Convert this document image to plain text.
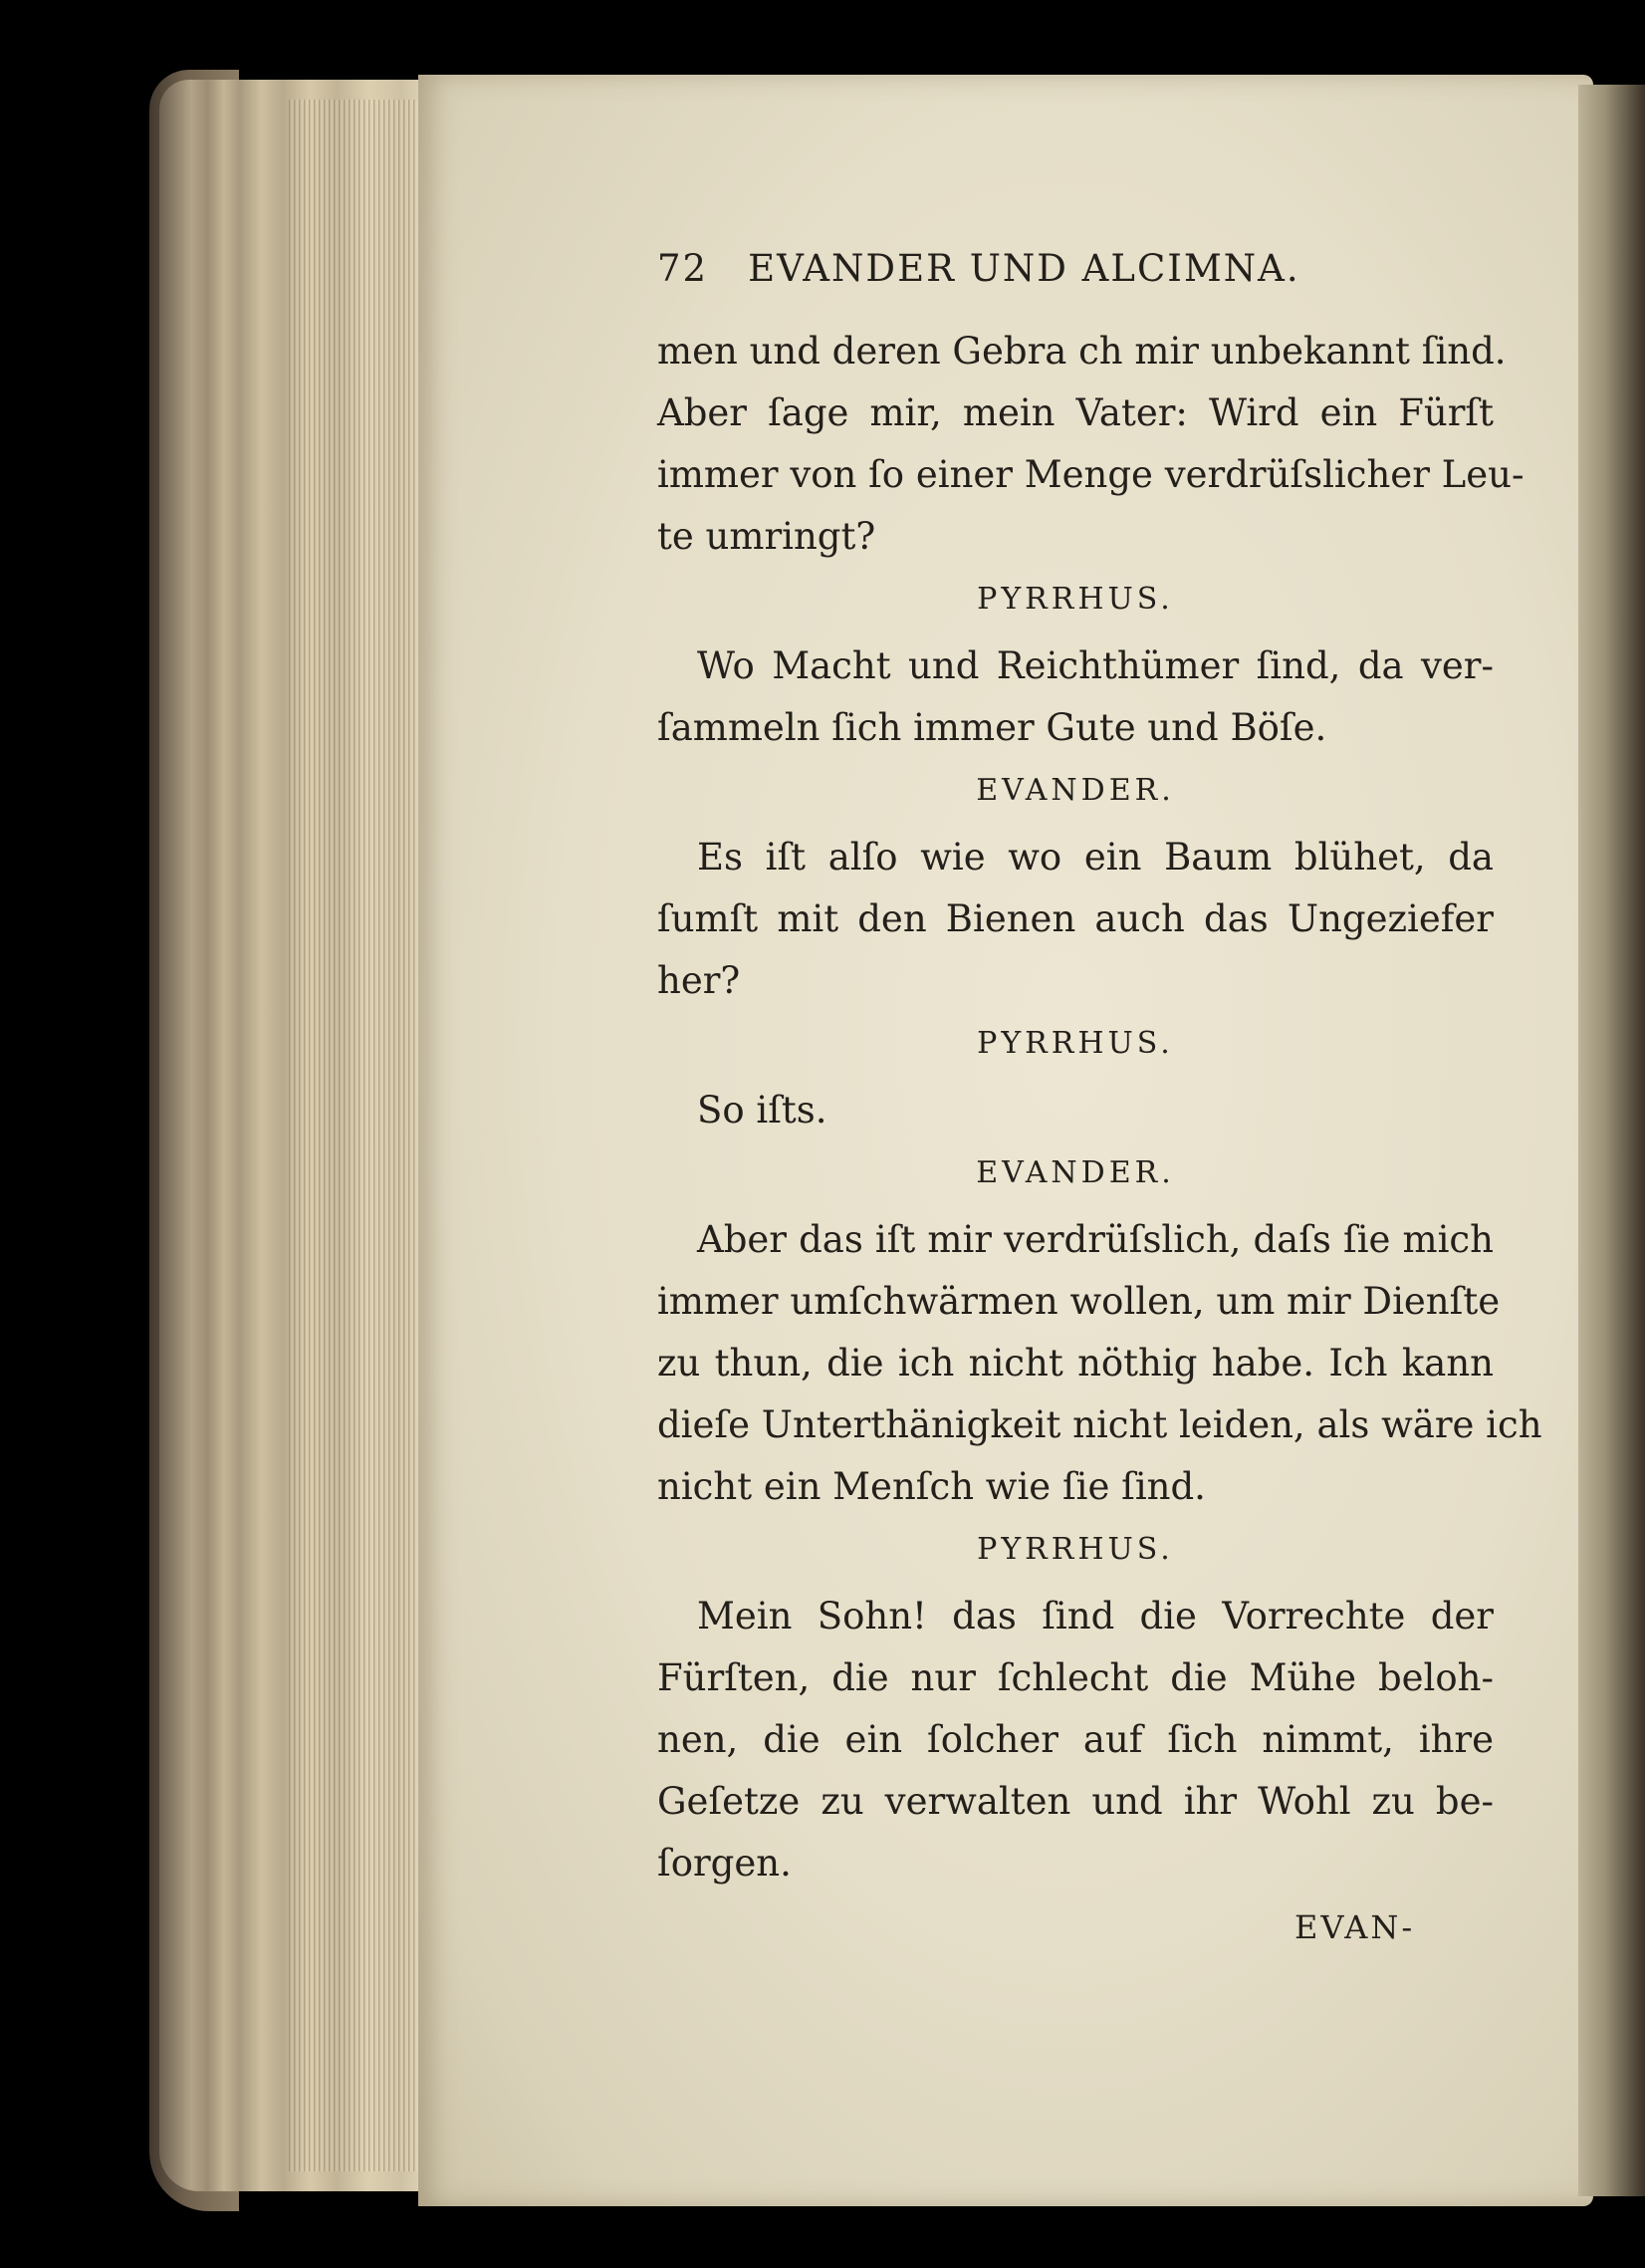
72 EVANDER UND ALCIMNA.
men und deren Gebra ch mir unbekannt ſind.
Aber ſage mir, mein Vater: Wird ein Fürſt
immer von ſo einer Menge verdrüſslicher Leu-
te umringt?
PYRRHUS.
Wo Macht und Reichthümer ſind, da ver-
ſammeln ſich immer Gute und Böſe.
EVANDER.
Es iſt alſo wie wo ein Baum blühet, da
ſumſt mit den Bienen auch das Ungeziefer
her?
PYRRHUS.
So iſts.
EVANDER.
Aber das iſt mir verdrüſslich, daſs ſie mich
immer umſchwärmen wollen, um mir Dienſte
zu thun, die ich nicht nöthig habe. Ich kann
dieſe Unterthänigkeit nicht leiden, als wäre ich
nicht ein Menſch wie ſie ſind.
PYRRHUS.
Mein Sohn! das ſind die Vorrechte der
Fürſten, die nur ſchlecht die Mühe beloh-
nen, die ein ſolcher auf ſich nimmt, ihre
Geſetze zu verwalten und ihr Wohl zu be-
ſorgen.
EVAN-
